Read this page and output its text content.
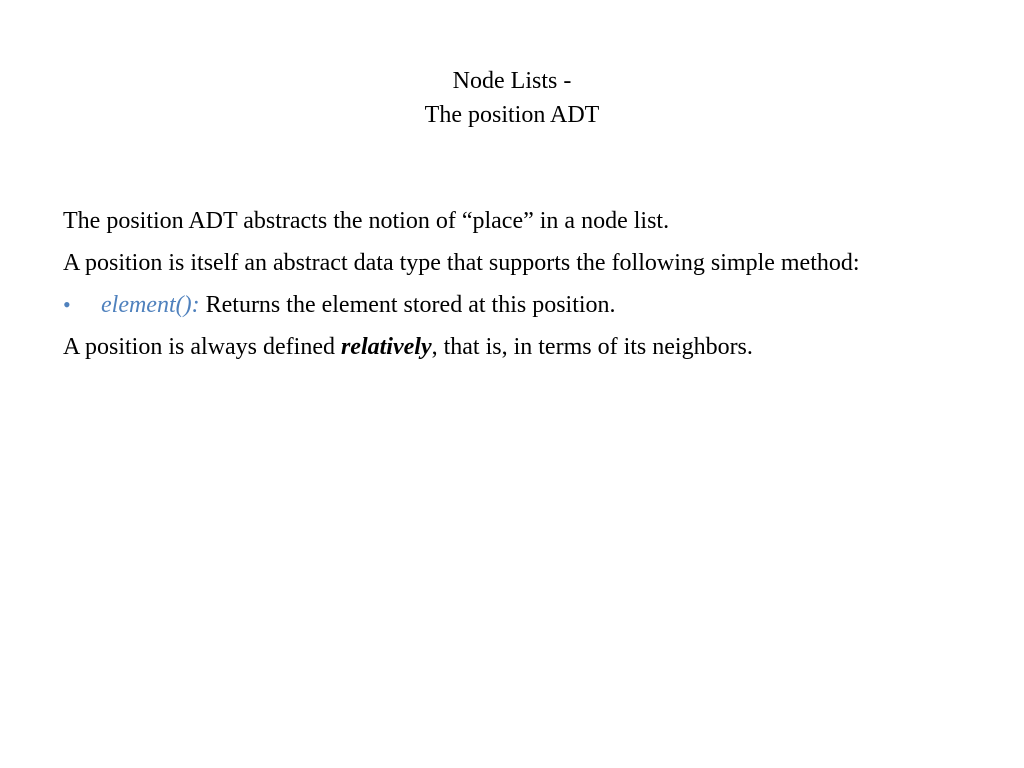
Node Lists -
The position ADT

The position ADT abstracts the notion of “place” in a node list.

A position is itself an abstract data type that supports the following simple method:

• element(): Returns the element stored at this position.

A position is always defined relatively, that is, in terms of its neighbors.
